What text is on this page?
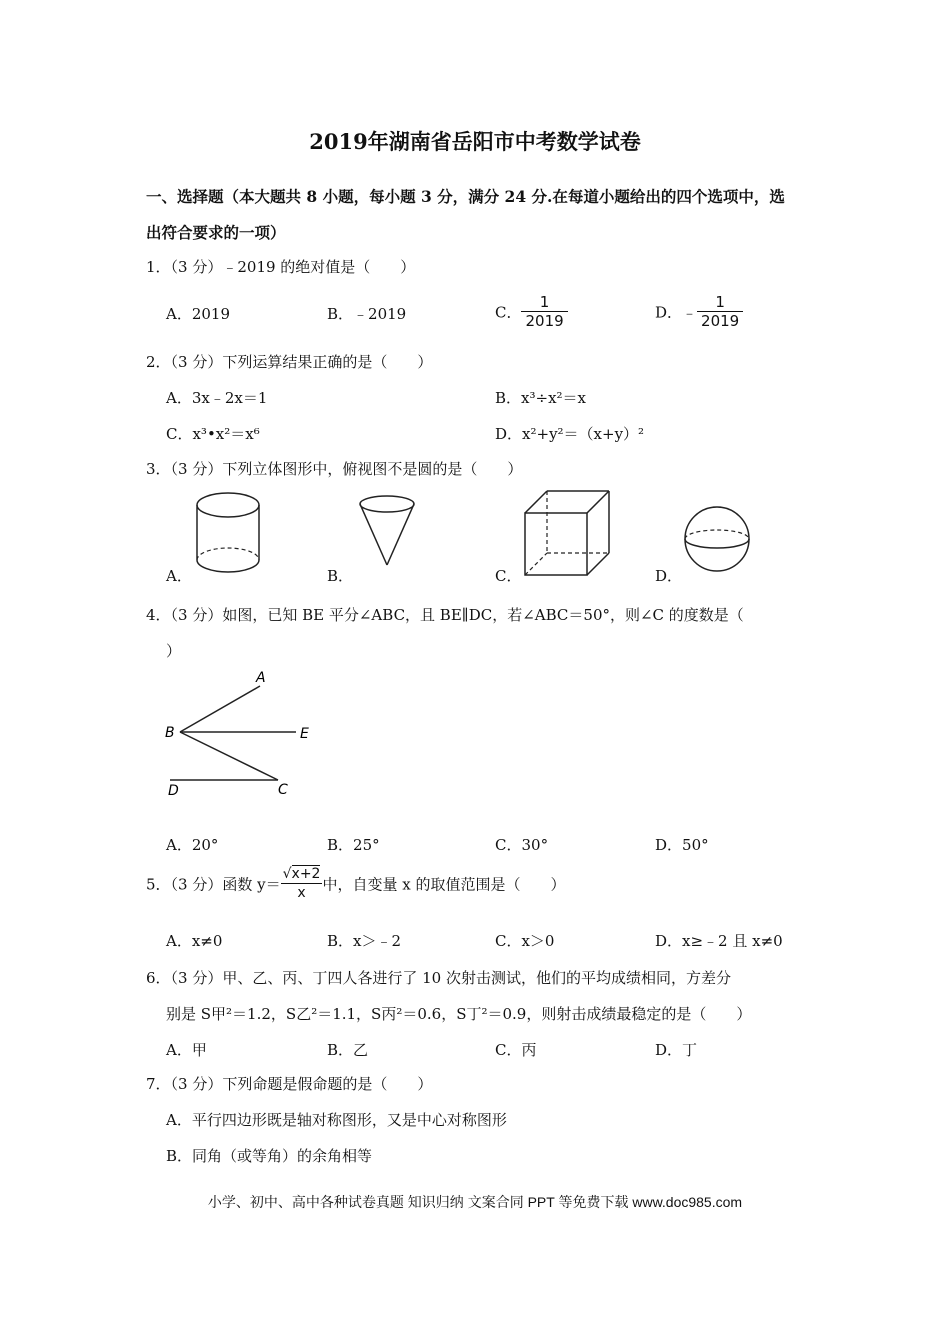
2019年湖南省岳阳市中考数学试卷
一、选择题（本大题共 8 小题，每小题 3 分，满分 24 分.在每道小题给出的四个选项中，选
出符合要求的一项）
1．（3 分）﹣2019 的绝对值是（　　）
A．2019	B．﹣2019	C． $\frac{1}{2019}$	D．﹣ $\frac{1}{2019}$
2．（3 分）下列运算结果正确的是（　　）
A．3x﹣2x＝1	B．x³÷x²＝x
C．x³•x²＝x⁶	D．x²+y²＝（x+y）²
3．（3 分）下列立体图形中，俯视图不是圆的是（　　）
A．	B．	C．	D．
4．（3 分）如图，已知 BE 平分∠ABC，且 BE∥DC，若∠ABC＝50°，则∠C 的度数是（
）
A
B	E
D	C
A．20°	B．25°	C．30°	D．50°
5．（3 分）函数 $y= \frac{√x+2}{x}$ 中，自变量 x 的取值范围是（　　）
A．x≠0	B．x＞﹣2	C．x＞0	D．x≥﹣2 且 x≠0
6．（3 分）甲、乙、丙、丁四人各进行了 10 次射击测试，他们的平均成绩相同，方差分
别是 S甲²＝1.2，S乙²＝1.1，S丙²＝0.6，S丁²＝0.9，则射击成绩最稳定的是（　　）
A．甲	B．乙	C．丙	D．丁
7．（3 分）下列命题是假命题的是（　　）
A．平行四边形既是轴对称图形，又是中心对称图形
B．同角（或等角）的余角相等
小学、初中、高中各种试卷真题 知识归纳 文案合同 PPT 等免费下载 www.doc985.com
